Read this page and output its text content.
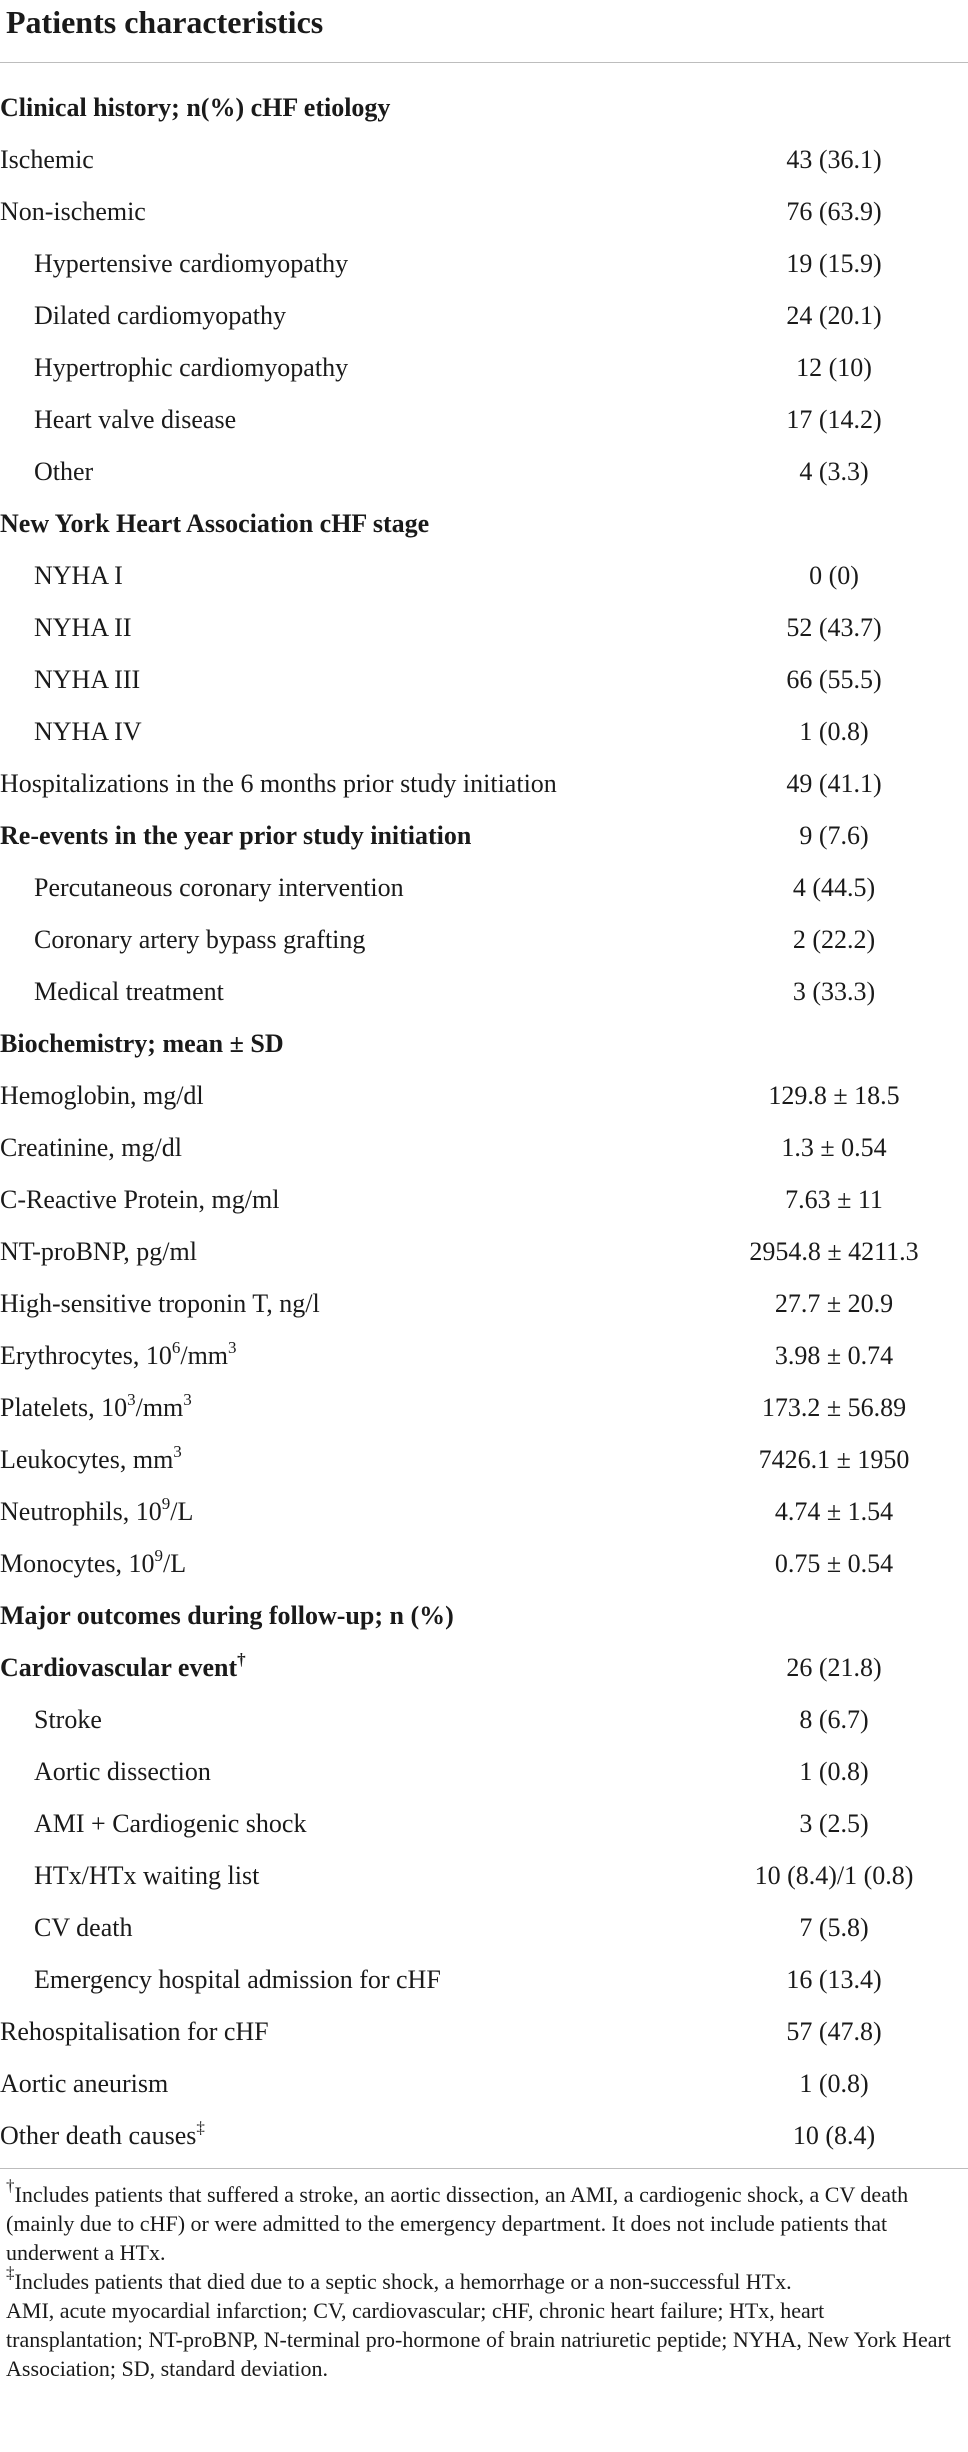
Patients characteristics
Clinical history; n(%) cHF etiology	
Ischemic	43 (36.1)
Non-ischemic	76 (63.9)
Hypertensive cardiomyopathy	19 (15.9)
Dilated cardiomyopathy	24 (20.1)
Hypertrophic cardiomyopathy	12 (10)
Heart valve disease	17 (14.2)
Other	4 (3.3)
New York Heart Association cHF stage	
NYHA I	0 (0)
NYHA II	52 (43.7)
NYHA III	66 (55.5)
NYHA IV	1 (0.8)
Hospitalizations in the 6 months prior study initiation	49 (41.1)
Re-events in the year prior study initiation	9 (7.6)
Percutaneous coronary intervention	4 (44.5)
Coronary artery bypass grafting	2 (22.2)
Medical treatment	3 (33.3)
Biochemistry; mean ± SD	
Hemoglobin, mg/dl	129.8 ± 18.5
Creatinine, mg/dl	1.3 ± 0.54
C-Reactive Protein, mg/ml	7.63 ± 11
NT-proBNP, pg/ml	2954.8 ± 4211.3
High-sensitive troponin T, ng/l	27.7 ± 20.9
Erythrocytes, $10^6/mm^3$	3.98 ± 0.74
Platelets, $10^3/mm^3$	173.2 ± 56.89
Leukocytes, $mm^3$	7426.1 ± 1950
Neutrophils, $10^9/L$	4.74 ± 1.54
Monocytes, $10^9/L$	0.75 ± 0.54
Major outcomes during follow-up; n (%)	
Cardiovascular event†	26 (21.8)
Stroke	8 (6.7)
Aortic dissection	1 (0.8)
AMI + Cardiogenic shock	3 (2.5)
HTx/HTx waiting list	10 (8.4)/1 (0.8)
CV death	7 (5.8)
Emergency hospital admission for cHF	16 (13.4)
Rehospitalisation for cHF	57 (47.8)
Aortic aneurism	1 (0.8)
Other death causes‡	10 (8.4)

†Includes patients that suffered a stroke, an aortic dissection, an AMI, a cardiogenic shock, a CV death (mainly due to cHF) or were admitted to the emergency department. It does not include patients that underwent a HTx.

‡Includes patients that died due to a septic shock, a hemorrhage or a non-successful HTx.

AMI, acute myocardial infarction; CV, cardiovascular; cHF, chronic heart failure; HTx, heart transplantation; NT-proBNP, N-terminal pro-hormone of brain natriuretic peptide; NYHA, New York Heart Association; SD, standard deviation.
